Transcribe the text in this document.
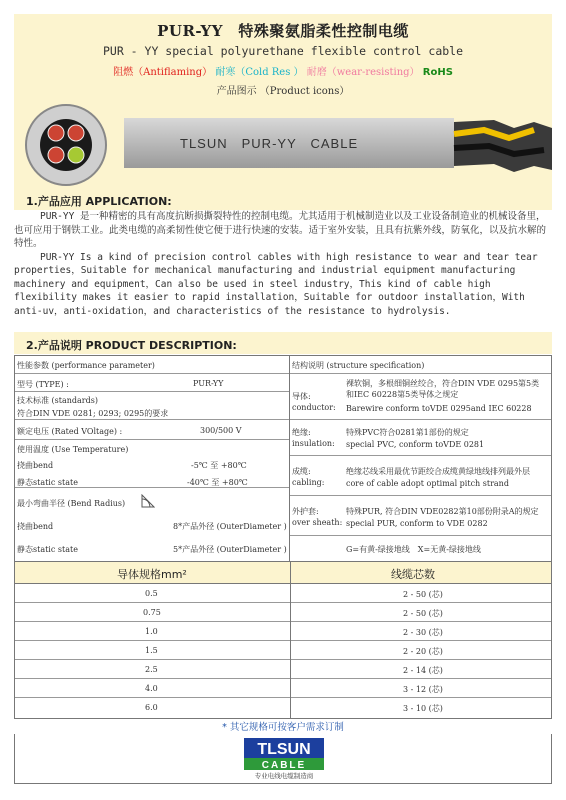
PUR-YY　特殊聚氨脂柔性控制电缆
PUR - YY special polyurethane flexible control cable
阻燃（Antiflaming） 耐寒（Cold Res ） 耐磨（wear-resisting） RoHS
产品图示 （Product icons）
TLSUN　PUR-YY　CABLE
1.产品应用 APPLICATION:

PUR-YY 是一种精密的具有高度抗断损撕裂特性的控制电缆。尤其适用于机械制造业以及工业设备制造业的机械设备里，也可应用于钢铁工业。此类电缆的高柔韧性使它便于进行快速的安装。适于室外安装，且具有抗紫外线，防氧化，以及抗水解的特性。

PUR-YY Is a kind of precision control cables with high resistance to wear and tear tear properties，Suitable for mechanical manufacturing and industrial equipment manufacturing machinery and equipment，Can also be used in steel industry，This kind of cable high flexibility makes it easier to rapid installation，Suitable for outdoor installation，With anti-uv，anti-oxidation，and characteristics of the resistance to hydrolysis.

2.产品说明 PRODUCT DESCRIPTION:
性能参数 (performance parameter)
型号 (TYPE) :	PUR-YY
技术标准 (standards)
符合DIN VDE 0281; 0293; 0295的要求
额定电压 (Rated VOltage) :	300/500 V
使用温度 (Use Temperature)
挠曲bend	-5℃ 至 +80℃
静态static state	-40℃ 至 +80℃
最小弯曲半径 (Bend Radius)
挠曲bend	8*产品外径 (OuterDiameter )
静态static state	5*产品外径 (OuterDiameter )
结构说明 (structure specification)
导体:
conductor:
裸软铜，多根细铜丝绞合，符合DIN VDE 0295第5类和IEC 60228第5类导体之规定
Barewire conform toVDE 0295and IEC 60228
绝缘:
insulation:
特殊PVC符合0281第1部份的规定
special PVC, conform toVDE 0281
成缆:
cabling:
绝缘芯线采用最优节距绞合成缆黄绿地线排列最外层
core of cable adopt optimal pitch strand
外护套:
over sheath:
特殊PUR, 符合DIN VDE0282第10部份附录A的规定
special PUR, conform to VDE 0282
G=有黄-绿接地线　X=无黄-绿接地线
导体规格mm²	线缆芯数
0.5	2 - 50 (芯)
0.75	2 - 50 (芯)
1.0	2 - 30 (芯)
1.5	2 - 20 (芯)
2.5	2 - 14 (芯)
4.0	3 - 12 (芯)
6.0	3 - 10 (芯)
* 其它规格可按客户需求订制
TLSUN
CABLE
专业电线电缆制造商
